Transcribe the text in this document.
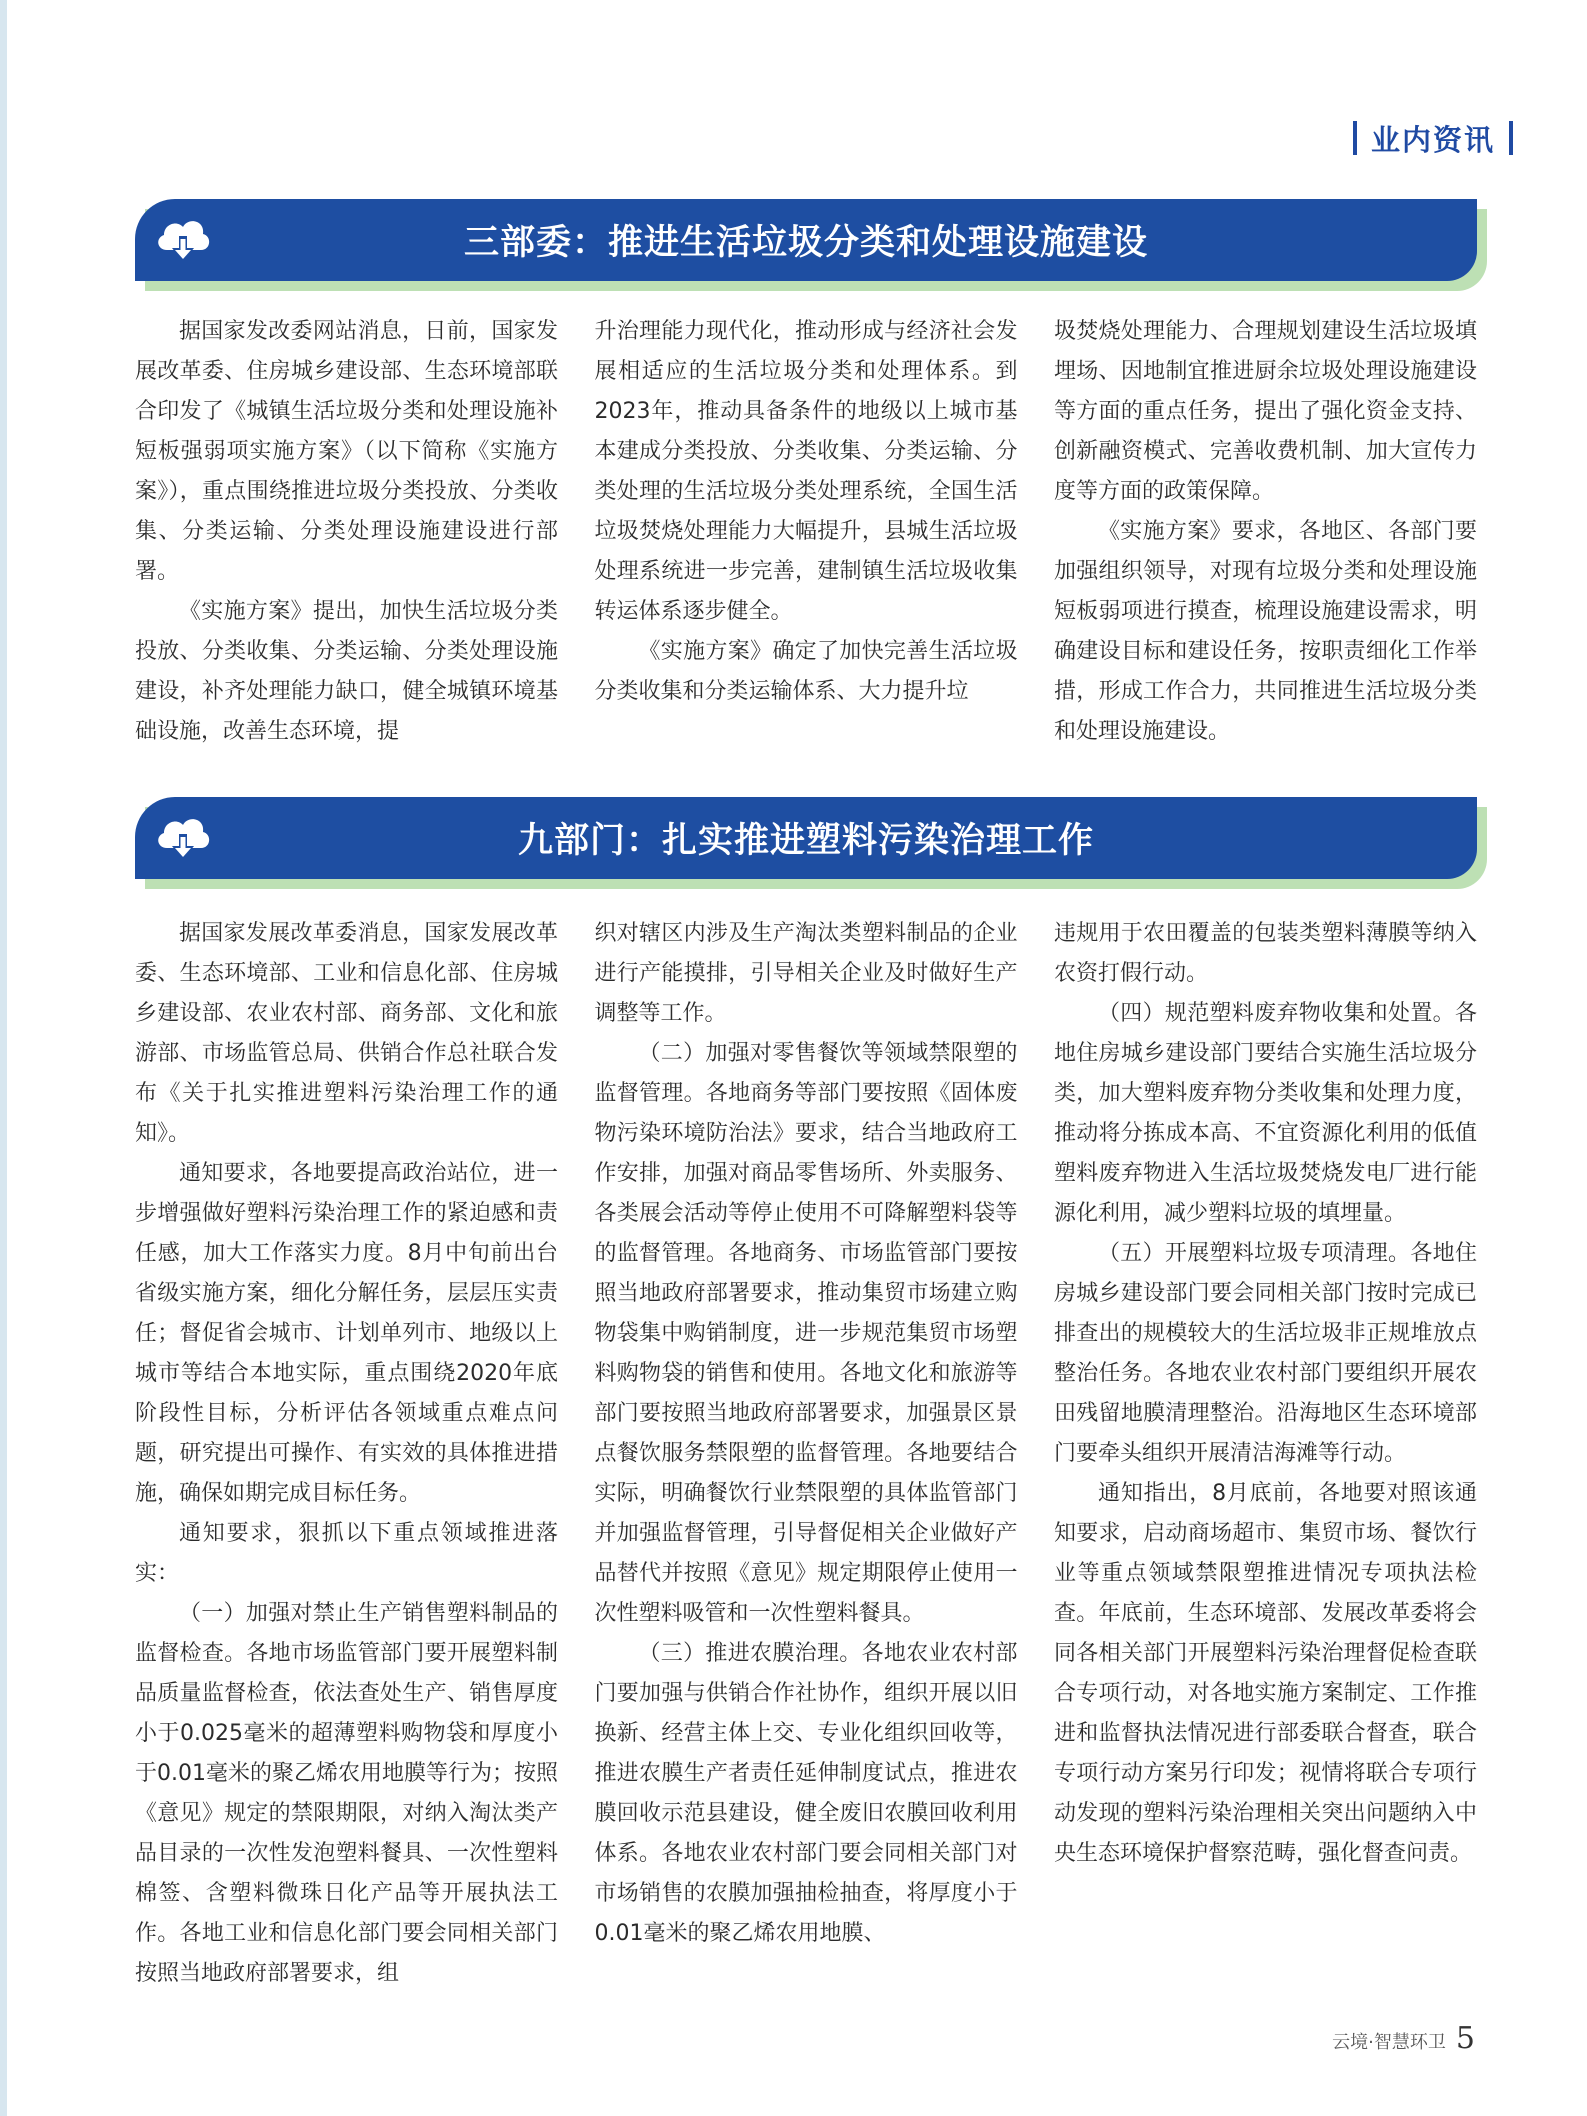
业内资讯
三部委：推进生活垃圾分类和处理设施建设

据国家发改委网站消息，日前，国家发展改革委、住房城乡建设部、生态环境部联合印发了《城镇生活垃圾分类和处理设施补短板强弱项实施方案》（以下简称《实施方案》），重点围绕推进垃圾分类投放、分类收集、分类运输、分类处理设施建设进行部署。

《实施方案》提出，加快生活垃圾分类投放、分类收集、分类运输、分类处理设施建设，补齐处理能力缺口，健全城镇环境基础设施，改善生态环境，提

升治理能力现代化，推动形成与经济社会发展相适应的生活垃圾分类和处理体系。到2023年，推动具备条件的地级以上城市基本建成分类投放、分类收集、分类运输、分类处理的生活垃圾分类处理系统，全国生活垃圾焚烧处理能力大幅提升，县城生活垃圾处理系统进一步完善，建制镇生活垃圾收集转运体系逐步健全。

《实施方案》确定了加快完善生活垃圾分类收集和分类运输体系、大力提升垃

圾焚烧处理能力、合理规划建设生活垃圾填埋场、因地制宜推进厨余垃圾处理设施建设等方面的重点任务，提出了强化资金支持、创新融资模式、完善收费机制、加大宣传力度等方面的政策保障。

《实施方案》要求，各地区、各部门要加强组织领导，对现有垃圾分类和处理设施短板弱项进行摸查，梳理设施建设需求，明确建设目标和建设任务，按职责细化工作举措，形成工作合力，共同推进生活垃圾分类和处理设施建设。

九部门：扎实推进塑料污染治理工作

据国家发展改革委消息，国家发展改革委、生态环境部、工业和信息化部、住房城乡建设部、农业农村部、商务部、文化和旅游部、市场监管总局、供销合作总社联合发布《关于扎实推进塑料污染治理工作的通知》。

通知要求，各地要提高政治站位，进一步增强做好塑料污染治理工作的紧迫感和责任感，加大工作落实力度。8月中旬前出台省级实施方案，细化分解任务，层层压实责任；督促省会城市、计划单列市、地级以上城市等结合本地实际，重点围绕2020年底阶段性目标，分析评估各领域重点难点问题，研究提出可操作、有实效的具体推进措施，确保如期完成目标任务。

通知要求，狠抓以下重点领域推进落实：

（一）加强对禁止生产销售塑料制品的监督检查。各地市场监管部门要开展塑料制品质量监督检查，依法查处生产、销售厚度小于0.025毫米的超薄塑料购物袋和厚度小于0.01毫米的聚乙烯农用地膜等行为；按照《意见》规定的禁限期限，对纳入淘汰类产品目录的一次性发泡塑料餐具、一次性塑料棉签、含塑料微珠日化产品等开展执法工作。各地工业和信息化部门要会同相关部门按照当地政府部署要求，组

织对辖区内涉及生产淘汰类塑料制品的企业进行产能摸排，引导相关企业及时做好生产调整等工作。

（二）加强对零售餐饮等领域禁限塑的监督管理。各地商务等部门要按照《固体废物污染环境防治法》要求，结合当地政府工作安排，加强对商品零售场所、外卖服务、各类展会活动等停止使用不可降解塑料袋等的监督管理。各地商务、市场监管部门要按照当地政府部署要求，推动集贸市场建立购物袋集中购销制度，进一步规范集贸市场塑料购物袋的销售和使用。各地文化和旅游等部门要按照当地政府部署要求，加强景区景点餐饮服务禁限塑的监督管理。各地要结合实际，明确餐饮行业禁限塑的具体监管部门并加强监督管理，引导督促相关企业做好产品替代并按照《意见》规定期限停止使用一次性塑料吸管和一次性塑料餐具。

（三）推进农膜治理。各地农业农村部门要加强与供销合作社协作，组织开展以旧换新、经营主体上交、专业化组织回收等，推进农膜生产者责任延伸制度试点，推进农膜回收示范县建设，健全废旧农膜回收利用体系。各地农业农村部门要会同相关部门对市场销售的农膜加强抽检抽查，将厚度小于0.01毫米的聚乙烯农用地膜、

违规用于农田覆盖的包装类塑料薄膜等纳入农资打假行动。

（四）规范塑料废弃物收集和处置。各地住房城乡建设部门要结合实施生活垃圾分类，加大塑料废弃物分类收集和处理力度，推动将分拣成本高、不宜资源化利用的低值塑料废弃物进入生活垃圾焚烧发电厂进行能源化利用，减少塑料垃圾的填埋量。

（五）开展塑料垃圾专项清理。各地住房城乡建设部门要会同相关部门按时完成已排查出的规模较大的生活垃圾非正规堆放点整治任务。各地农业农村部门要组织开展农田残留地膜清理整治。沿海地区生态环境部门要牵头组织开展清洁海滩等行动。

通知指出，8月底前，各地要对照该通知要求，启动商场超市、集贸市场、餐饮行业等重点领域禁限塑推进情况专项执法检查。年底前，生态环境部、发展改革委将会同各相关部门开展塑料污染治理督促检查联合专项行动，对各地实施方案制定、工作推进和监督执法情况进行部委联合督查，联合专项行动方案另行印发；视情将联合专项行动发现的塑料污染治理相关突出问题纳入中央生态环境保护督察范畴，强化督查问责。

云境·智慧环卫 5
